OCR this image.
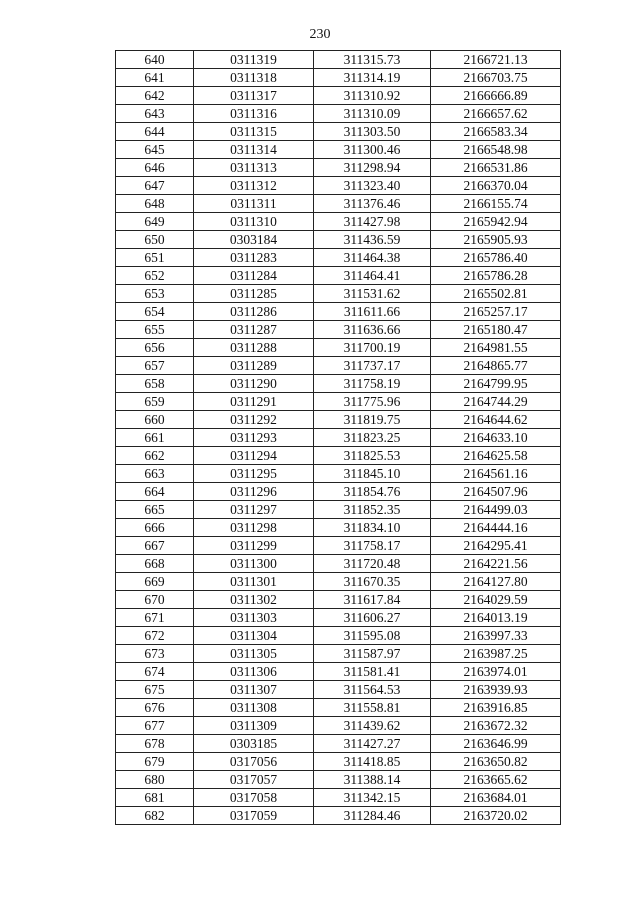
230
640	0311319	311315.73	2166721.13
641	0311318	311314.19	2166703.75
642	0311317	311310.92	2166666.89
643	0311316	311310.09	2166657.62
644	0311315	311303.50	2166583.34
645	0311314	311300.46	2166548.98
646	0311313	311298.94	2166531.86
647	0311312	311323.40	2166370.04
648	0311311	311376.46	2166155.74
649	0311310	311427.98	2165942.94
650	0303184	311436.59	2165905.93
651	0311283	311464.38	2165786.40
652	0311284	311464.41	2165786.28
653	0311285	311531.62	2165502.81
654	0311286	311611.66	2165257.17
655	0311287	311636.66	2165180.47
656	0311288	311700.19	2164981.55
657	0311289	311737.17	2164865.77
658	0311290	311758.19	2164799.95
659	0311291	311775.96	2164744.29
660	0311292	311819.75	2164644.62
661	0311293	311823.25	2164633.10
662	0311294	311825.53	2164625.58
663	0311295	311845.10	2164561.16
664	0311296	311854.76	2164507.96
665	0311297	311852.35	2164499.03
666	0311298	311834.10	2164444.16
667	0311299	311758.17	2164295.41
668	0311300	311720.48	2164221.56
669	0311301	311670.35	2164127.80
670	0311302	311617.84	2164029.59
671	0311303	311606.27	2164013.19
672	0311304	311595.08	2163997.33
673	0311305	311587.97	2163987.25
674	0311306	311581.41	2163974.01
675	0311307	311564.53	2163939.93
676	0311308	311558.81	2163916.85
677	0311309	311439.62	2163672.32
678	0303185	311427.27	2163646.99
679	0317056	311418.85	2163650.82
680	0317057	311388.14	2163665.62
681	0317058	311342.15	2163684.01
682	0317059	311284.46	2163720.02
